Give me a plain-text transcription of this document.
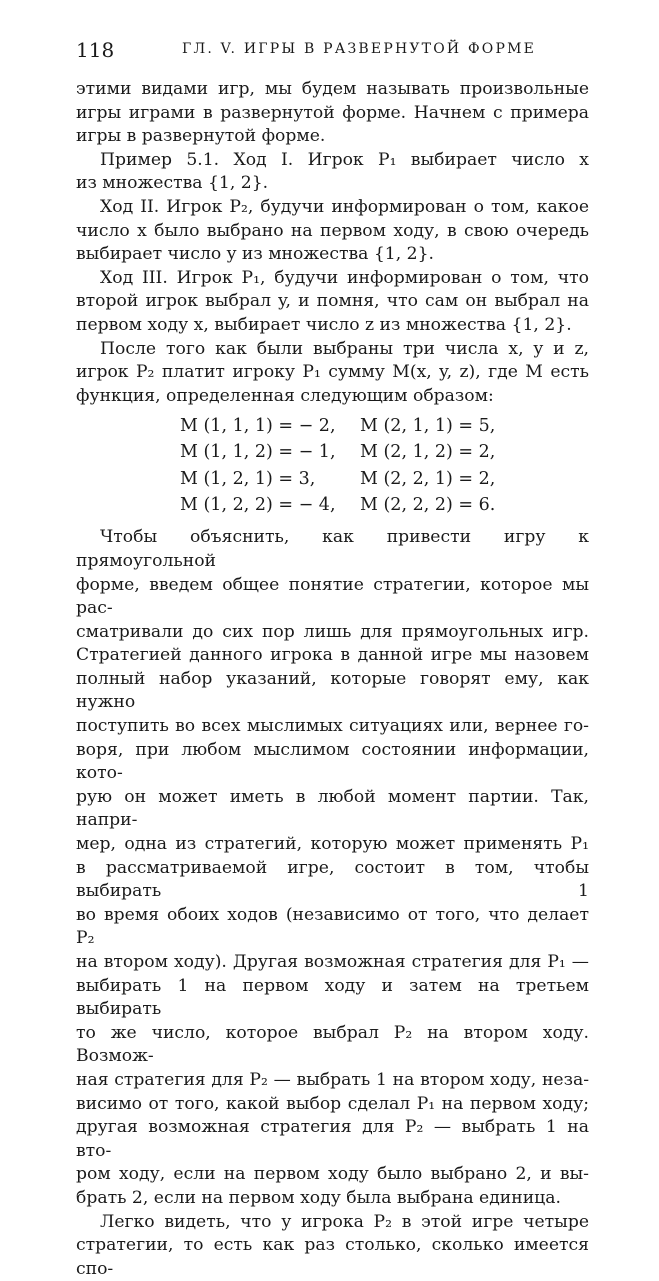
118	ГЛ. V. ИГРЫ В РАЗВЕРНУТОЙ ФОРМЕ
этими видами игр, мы будем называть произвольные
игры играми в развернутой форме. Начнем с примера
игры в развернутой форме.
Пример 5.1. Ход I. Игрок P₁ выбирает число x
из множества {1, 2}.
Ход II. Игрок P₂, будучи информирован о том, какое
число x было выбрано на первом ходу, в свою очередь
выбирает число y из множества {1, 2}.
Ход III. Игрок P₁, будучи информирован о том, что
второй игрок выбрал y, и помня, что сам он выбрал на
первом ходу x, выбирает число z из множества {1, 2}.
После того как были выбраны три числа x, y и z,
игрок P₂ платит игроку P₁ сумму M(x, y, z), где M есть
функция, определенная следующим образом:
M (1, 1, 1) = − 2,	M (2, 1, 1) = 5,
M (1, 1, 2) = − 1,	M (2, 1, 2) = 2,
M (1, 2, 1) = 3,	M (2, 2, 1) = 2,
M (1, 2, 2) = − 4,	M (2, 2, 2) = 6.
Чтобы объяснить, как привести игру к прямоугольной
форме, введем общее понятие стратегии, которое мы рас-
сматривали до сих пор лишь для прямоугольных игр.
Стратегией данного игрока в данной игре мы назовем
полный набор указаний, которые говорят ему, как нужно
поступить во всех мыслимых ситуациях или, вернее го-
воря, при любом мыслимом состоянии информации, кото-
рую он может иметь в любой момент партии. Так, напри-
мер, одна из стратегий, которую может применять P₁
в рассматриваемой игре, состоит в том, чтобы выбирать 1
во время обоих ходов (независимо от того, что делает P₂
на втором ходу). Другая возможная стратегия для P₁ —
выбирать 1 на первом ходу и затем на третьем выбирать
то же число, которое выбрал P₂ на втором ходу. Возмож-
ная стратегия для P₂ — выбрать 1 на втором ходу, неза-
висимо от того, какой выбор сделал P₁ на первом ходу;
другая возможная стратегия для P₂ — выбрать 1 на вто-
ром ходу, если на первом ходу было выбрано 2, и вы-
брать 2, если на первом ходу была выбрана единица.
Легко видеть, что у игрока P₂ в этой игре четыре
стратегии, то есть как раз столько, сколько имеется спо-
